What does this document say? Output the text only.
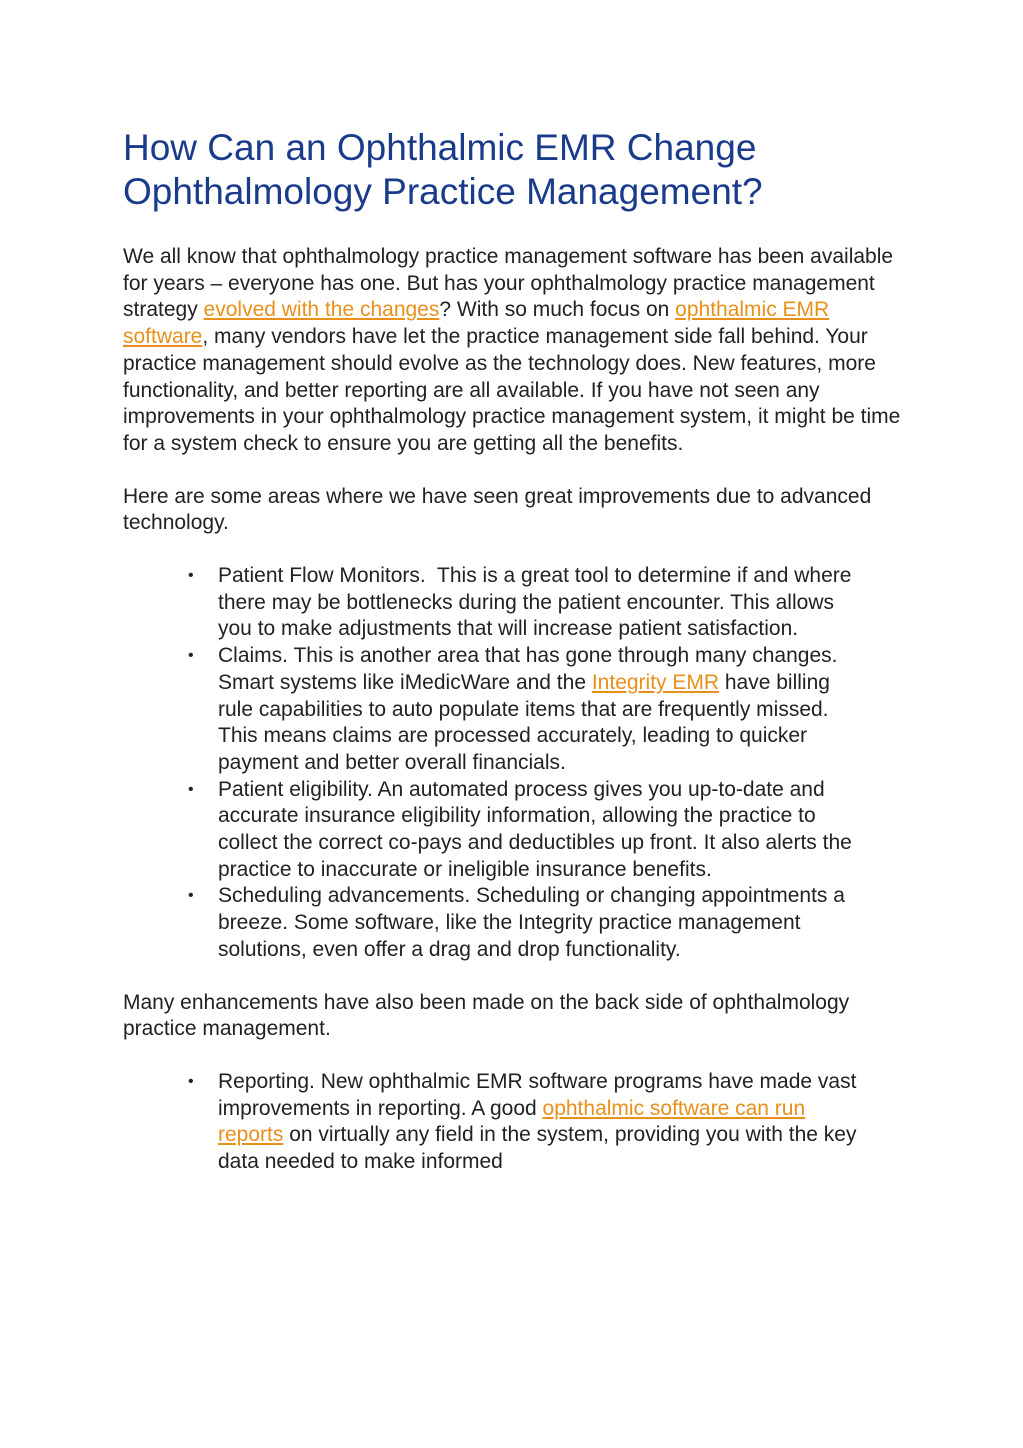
How Can an Ophthalmic EMR Change Ophthalmology Practice Management?

We all know that ophthalmology practice management software has been available for years – everyone has one. But has your ophthalmology practice management strategy evolved with the changes? With so much focus on ophthalmic EMR software, many vendors have let the practice management side fall behind. Your practice management should evolve as the technology does. New features, more functionality, and better reporting are all available. If you have not seen any improvements in your ophthalmology practice management system, it might be time for a system check to ensure you are getting all the benefits.

Here are some areas where we have seen great improvements due to advanced technology.

• Patient Flow Monitors.  This is a great tool to determine if and where there may be bottlenecks during the patient encounter. This allows you to make adjustments that will increase patient satisfaction.
• Claims. This is another area that has gone through many changes. Smart systems like iMedicWare and the Integrity EMR have billing rule capabilities to auto populate items that are frequently missed. This means claims are processed accurately, leading to quicker payment and better overall financials.
• Patient eligibility. An automated process gives you up-to-date and accurate insurance eligibility information, allowing the practice to collect the correct co-pays and deductibles up front. It also alerts the practice to inaccurate or ineligible insurance benefits.
• Scheduling advancements. Scheduling or changing appointments a breeze. Some software, like the Integrity practice management solutions, even offer a drag and drop functionality.

Many enhancements have also been made on the back side of ophthalmology practice management.

• Reporting. New ophthalmic EMR software programs have made vast improvements in reporting. A good ophthalmic software can run reports on virtually any field in the system, providing you with the key data needed to make informed
